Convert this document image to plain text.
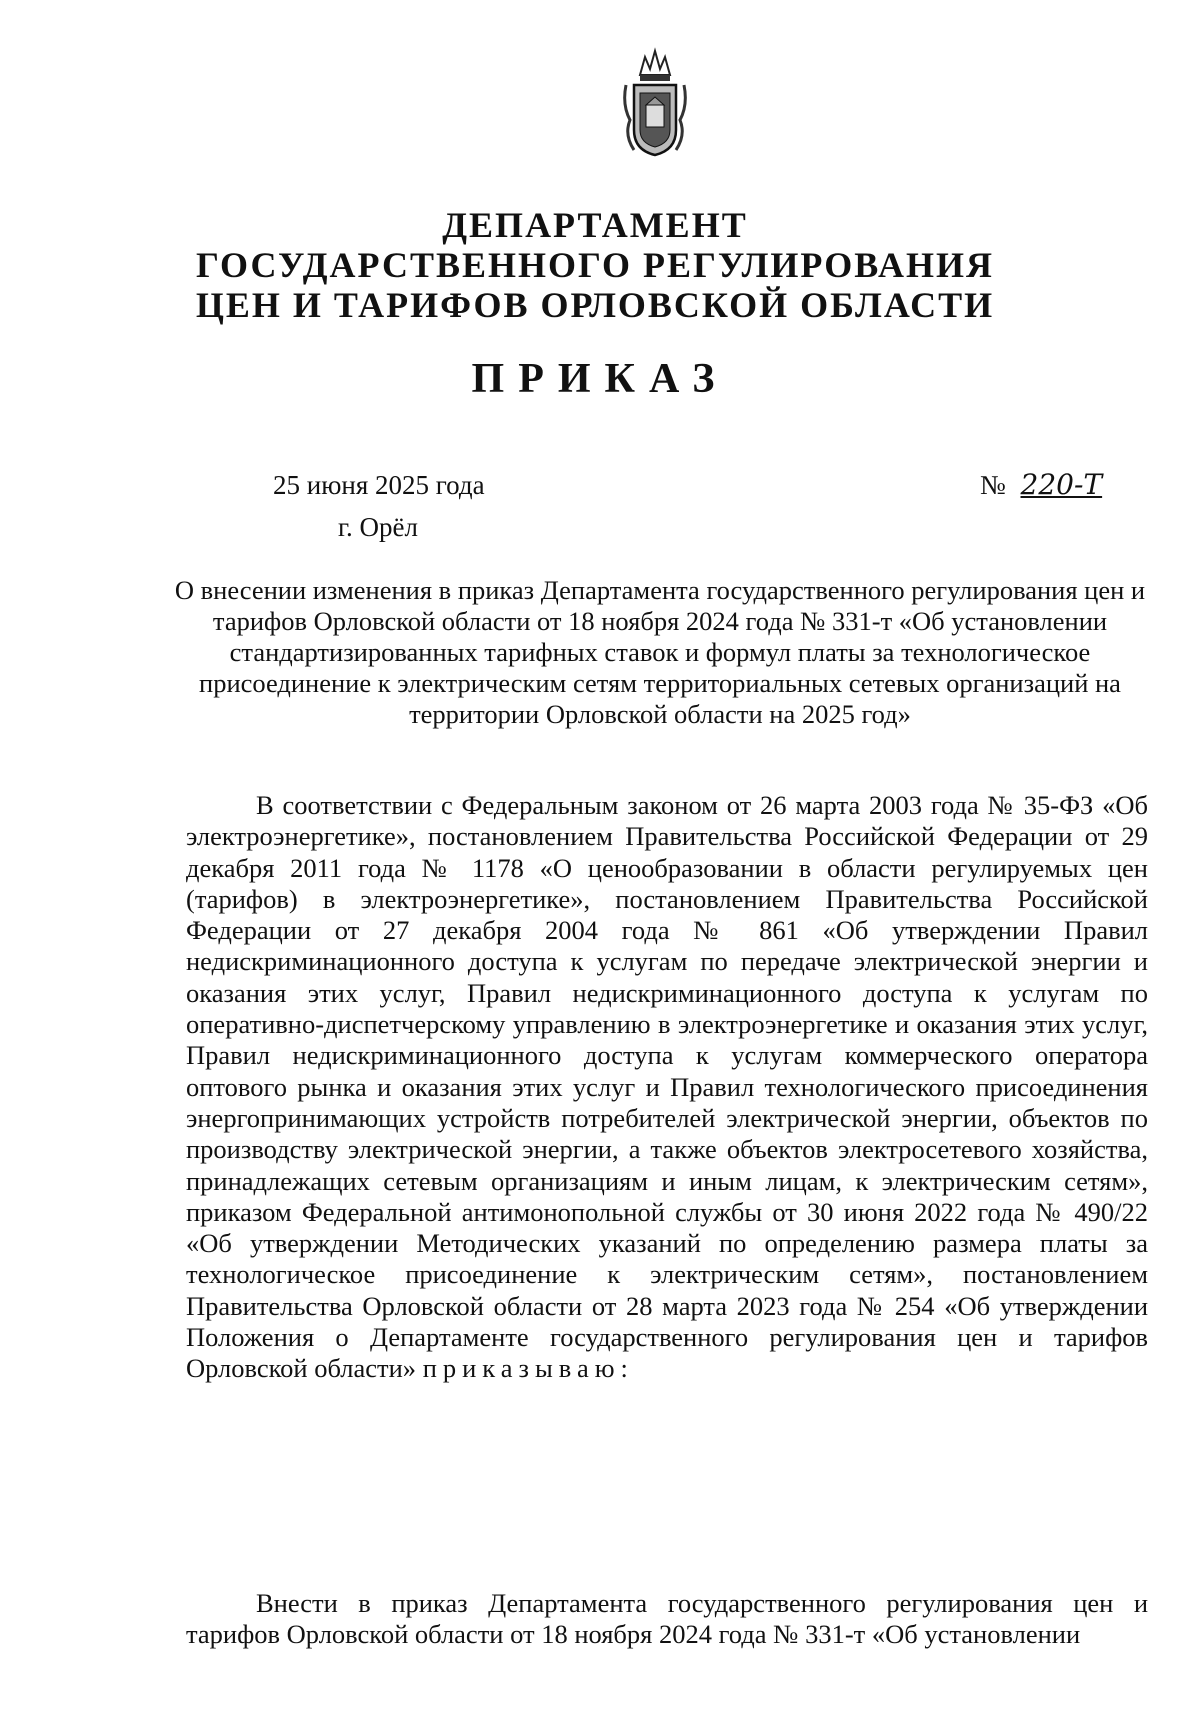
ДЕПАРТАМЕНТ
ГОСУДАРСТВЕННОГО РЕГУЛИРОВАНИЯ
ЦЕН И ТАРИФОВ ОРЛОВСКОЙ ОБЛАСТИ
ПРИКАЗ
25 июня 2025 года
г. Орёл
№ 220-Т
О внесении изменения в приказ Департамента государственного регулирования цен и тарифов Орловской области от 18 ноября 2024 года № 331-т «Об установлении стандартизированных тарифных ставок и формул платы за технологическое присоединение к электрическим сетям территориальных сетевых организаций на территории Орловской области на 2025 год»
В соответствии с Федеральным законом от 26 марта 2003 года № 35-ФЗ «Об электроэнергетике», постановлением Правительства Российской Федерации от 29 декабря 2011 года № 1178 «О ценообразовании в области регулируемых цен (тарифов) в электроэнергетике», постановлением Правительства Российской Федерации от 27 декабря 2004 года № 861 «Об утверждении Правил недискриминационного доступа к услугам по передаче электрической энергии и оказания этих услуг, Правил недискриминационного доступа к услугам по оперативно-диспетчерскому управлению в электроэнергетике и оказания этих услуг, Правил недискриминационного доступа к услугам коммерческого оператора оптового рынка и оказания этих услуг и Правил технологического присоединения энергопринимающих устройств потребителей электрической энергии, объектов по производству электрической энергии, а также объектов электросетевого хозяйства, принадлежащих сетевым организациям и иным лицам, к электрическим сетям», приказом Федеральной антимонопольной службы от 30 июня 2022 года № 490/22 «Об утверждении Методических указаний по определению размера платы за технологическое присоединение к электрическим сетям», постановлением Правительства Орловской области от 28 марта 2023 года № 254 «Об утверждении Положения о Департаменте государственного регулирования цен и тарифов Орловской области» приказываю:
Внести в приказ Департамента государственного регулирования цен и тарифов Орловской области от 18 ноября 2024 года № 331-т «Об установлении
